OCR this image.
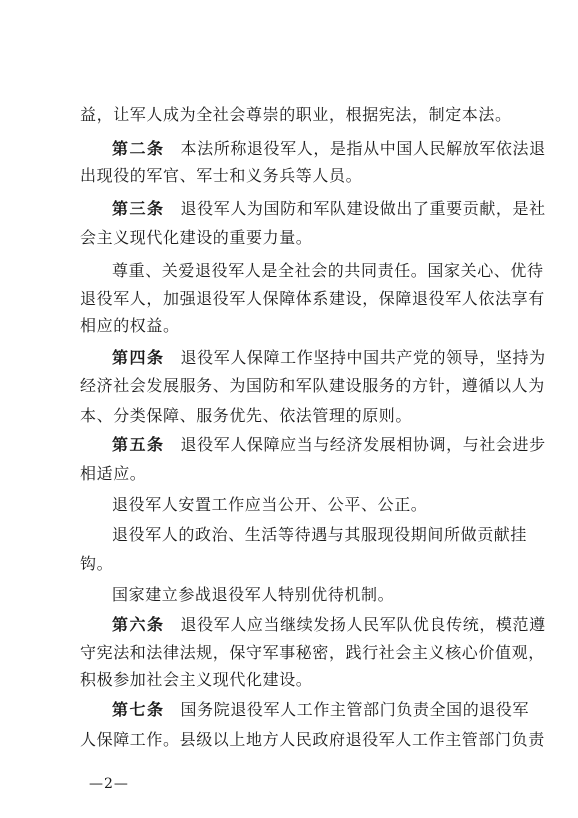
益，让军人成为全社会尊崇的职业，根据宪法，制定本法。
第二条 本法所称退役军人，是指从中国人民解放军依法退
出现役的军官、军士和义务兵等人员。
第三条 退役军人为国防和军队建设做出了重要贡献，是社
会主义现代化建设的重要力量。
尊重、关爱退役军人是全社会的共同责任。国家关心、优待
退役军人，加强退役军人保障体系建设，保障退役军人依法享有
相应的权益。
第四条 退役军人保障工作坚持中国共产党的领导，坚持为
经济社会发展服务、为国防和军队建设服务的方针，遵循以人为
本、分类保障、服务优先、依法管理的原则。
第五条 退役军人保障应当与经济发展相协调，与社会进步
相适应。
退役军人安置工作应当公开、公平、公正。
退役军人的政治、生活等待遇与其服现役期间所做贡献挂
钩。
国家建立参战退役军人特别优待机制。
第六条 退役军人应当继续发扬人民军队优良传统，模范遵
守宪法和法律法规，保守军事秘密，践行社会主义核心价值观，
积极参加社会主义现代化建设。
第七条 国务院退役军人工作主管部门负责全国的退役军
人保障工作。县级以上地方人民政府退役军人工作主管部门负责
—2—
